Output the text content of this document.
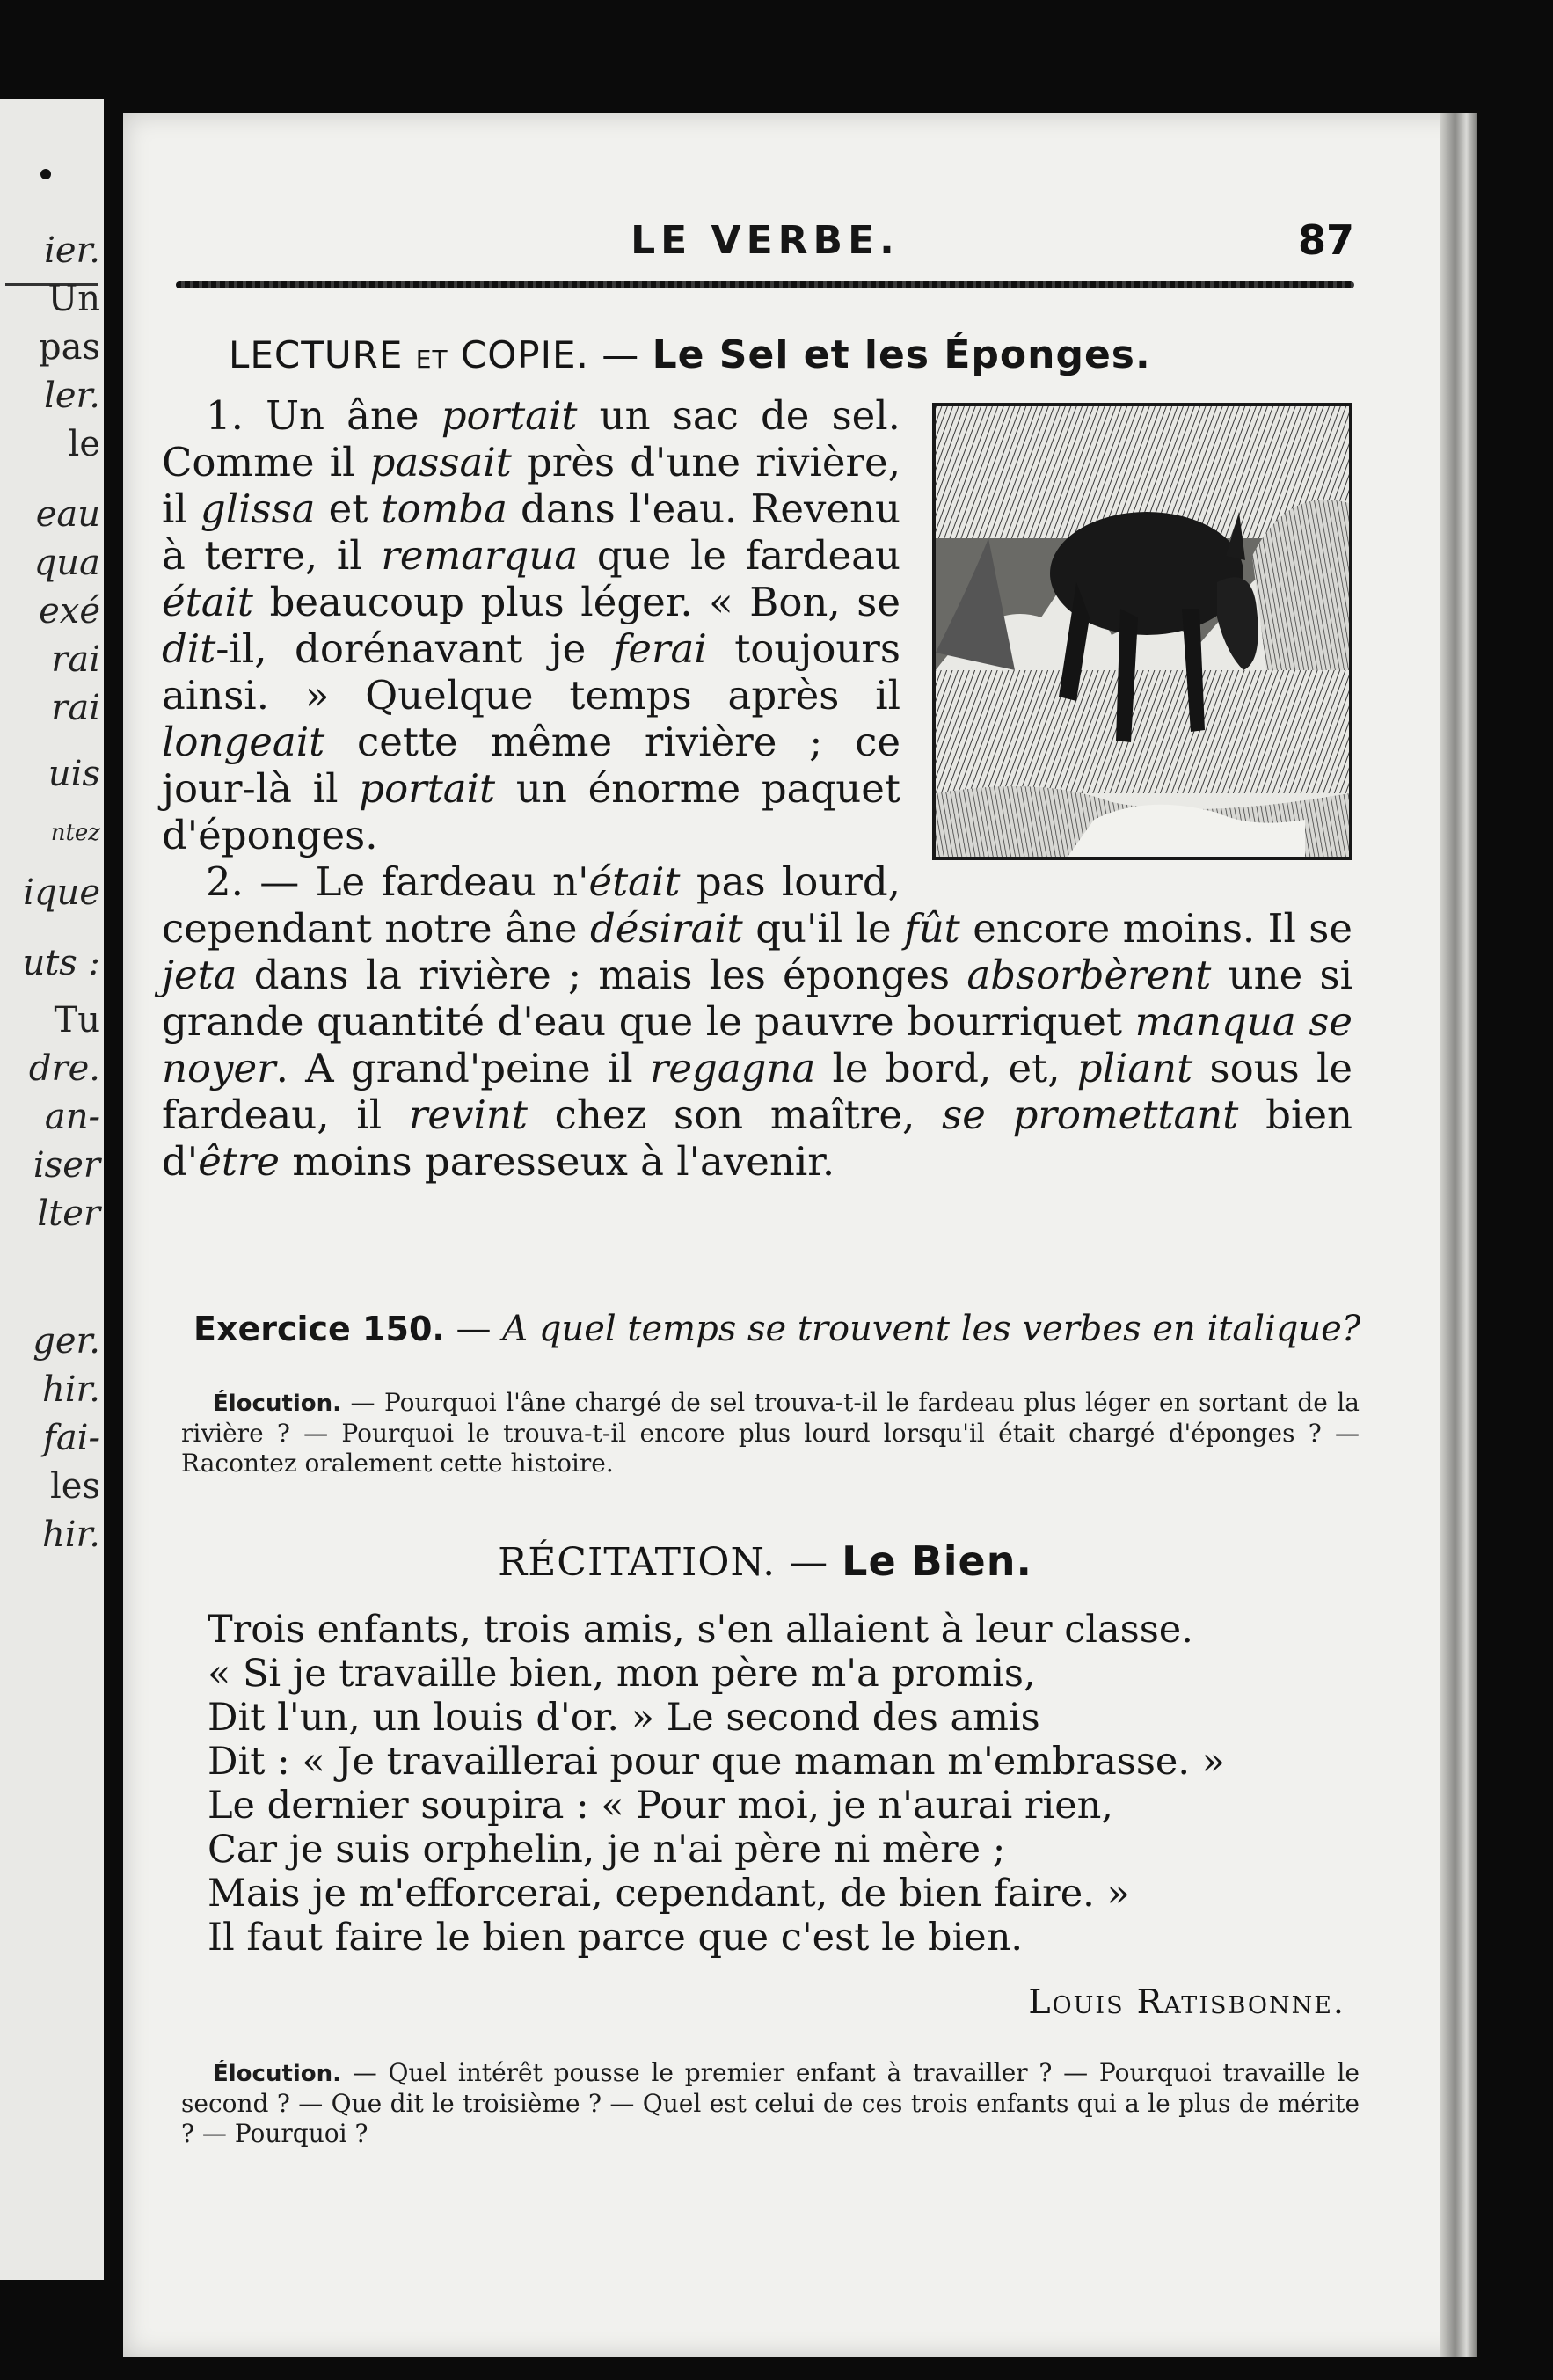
ier.
Un
pas
ler.
le
eau
qua
exé
rai
rai
uis
ntez
ique
uts :
Tu
dre.
an-
iser
lter
ger.
hir.
fai-
les
hir.
LE VERBE.	87
LECTURE ET COPIE. — Le Sel et les Éponges.

1. Un âne portait un sac de sel. Comme il passait près d'une rivière, il glissa et tomba dans l'eau. Revenu à terre, il remarqua que le fardeau était beaucoup plus léger. « Bon, se dit-il, dorénavant je ferai toujours ainsi. » Quelque temps après il longeait cette même rivière ; ce jour-là il portait un énorme paquet d'éponges.

2. — Le fardeau n'était pas lourd, cependant notre âne désirait qu'il le fût encore moins. Il se jeta dans la rivière ; mais les éponges absorbèrent une si grande quantité d'eau que le pauvre bourriquet manqua se noyer. A grand'peine il regagna le bord, et, pliant sous le fardeau, il revint chez son maître, se promettant bien d'être moins paresseux à l'avenir.

Exercice 150. — A quel temps se trouvent les verbes en italique?
Élocution. — Pourquoi l'âne chargé de sel trouva-t-il le fardeau plus léger en sortant de la rivière ? — Pourquoi le trouva-t-il encore plus lourd lorsqu'il était chargé d'éponges ? — Racontez oralement cette histoire.
RÉCITATION. — Le Bien.
Trois enfants, trois amis, s'en allaient à leur classe.
« Si je travaille bien, mon père m'a promis,
Dit l'un, un louis d'or. » Le second des amis
Dit : « Je travaillerai pour que maman m'embrasse. »
Le dernier soupira : « Pour moi, je n'aurai rien,
Car je suis orphelin, je n'ai père ni mère ;
Mais je m'efforcerai, cependant, de bien faire. »
Il faut faire le bien parce que c'est le bien.
Louis Ratisbonne.
Élocution. — Quel intérêt pousse le premier enfant à travailler ? — Pourquoi travaille le second ? — Que dit le troisième ? — Quel est celui de ces trois enfants qui a le plus de mérite ? — Pourquoi ?
